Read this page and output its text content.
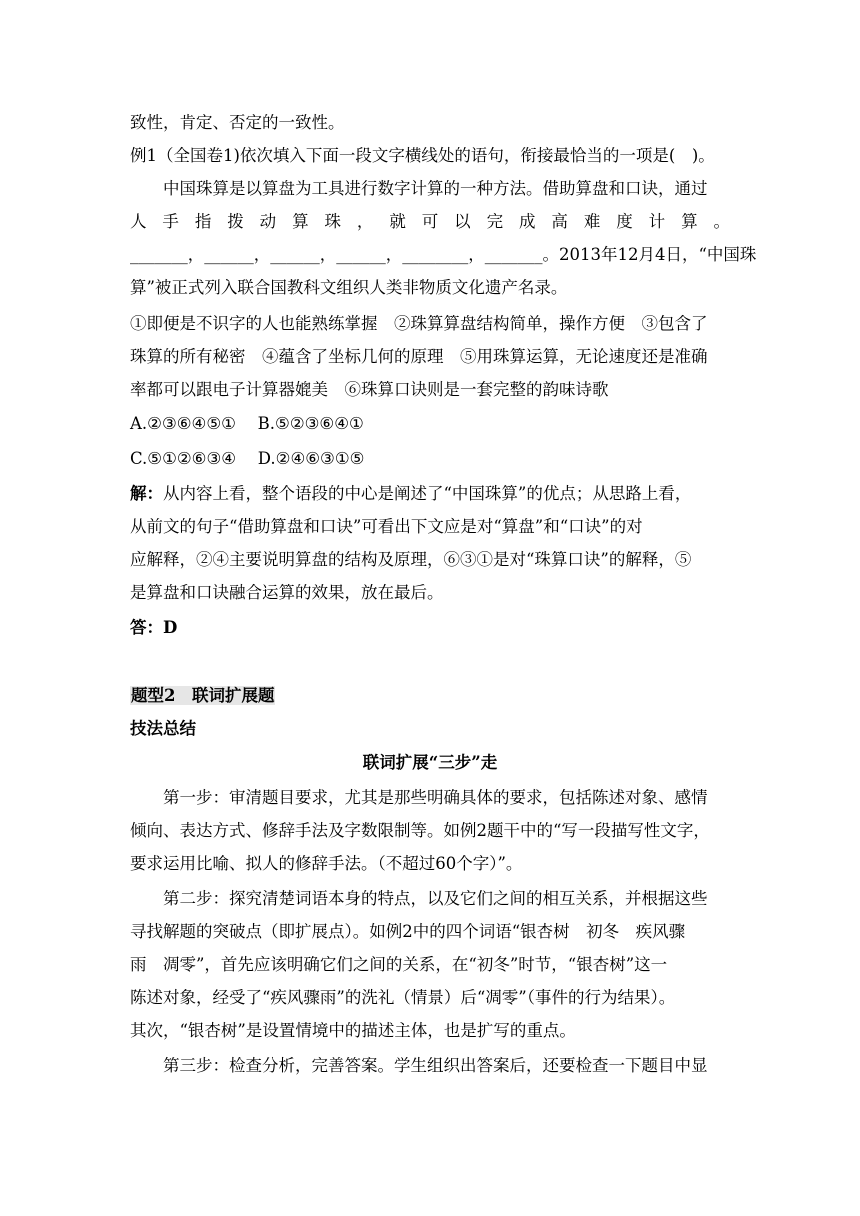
致性，肯定、否定的一致性。
例1（全国卷1)依次填入下面一段文字横线处的语句，衔接最恰当的一项是(　)。
中国珠算是以算盘为工具进行数字计算的一种方法。借助算盘和口诀，通过
人 手 指 拨 动 算 珠 ， 就 可 以 完 成 高 难 度 计 算 。
_______，______，______，______，________，_______。2013年12月4日，“中国珠
算”被正式列入联合国教科文组织人类非物质文化遗产名录。
①即便是不识字的人也能熟练掌握　②珠算算盘结构简单，操作方便　③包含了
珠算的所有秘密　④蕴含了坐标几何的原理　⑤用珠算运算，无论速度还是准确
率都可以跟电子计算器媲美　⑥珠算口诀则是一套完整的韵味诗歌
A.②③⑥④⑤①　 B.⑤②③⑥④①
C.⑤①②⑥③④　 D.②④⑥③①⑤
解：从内容上看，整个语段的中心是阐述了“中国珠算”的优点；从思路上看，
从前文的句子“借助算盘和口诀”可看出下文应是对“算盘”和“口诀”的对
应解释，②④主要说明算盘的结构及原理，⑥③①是对“珠算口诀”的解释，⑤
是算盘和口诀融合运算的效果，放在最后。
答：D
题型2　联词扩展题
技法总结
联词扩展“三步”走
第一步：审清题目要求，尤其是那些明确具体的要求，包括陈述对象、感情
倾向、表达方式、修辞手法及字数限制等。如例2题干中的“写一段描写性文字，
要求运用比喻、拟人的修辞手法。（不超过60个字）”。
第二步：探究清楚词语本身的特点，以及它们之间的相互关系，并根据这些
寻找解题的突破点（即扩展点）。如例2中的四个词语“银杏树　初冬　疾风骤
雨　凋零”，首先应该明确它们之间的关系，在“初冬”时节，“银杏树”这一
陈述对象，经受了“疾风骤雨”的洗礼（情景）后“凋零”（事件的行为结果）。
其次，“银杏树”是设置情境中的描述主体，也是扩写的重点。
第三步：检查分析，完善答案。学生组织出答案后，还要检查一下题目中显
